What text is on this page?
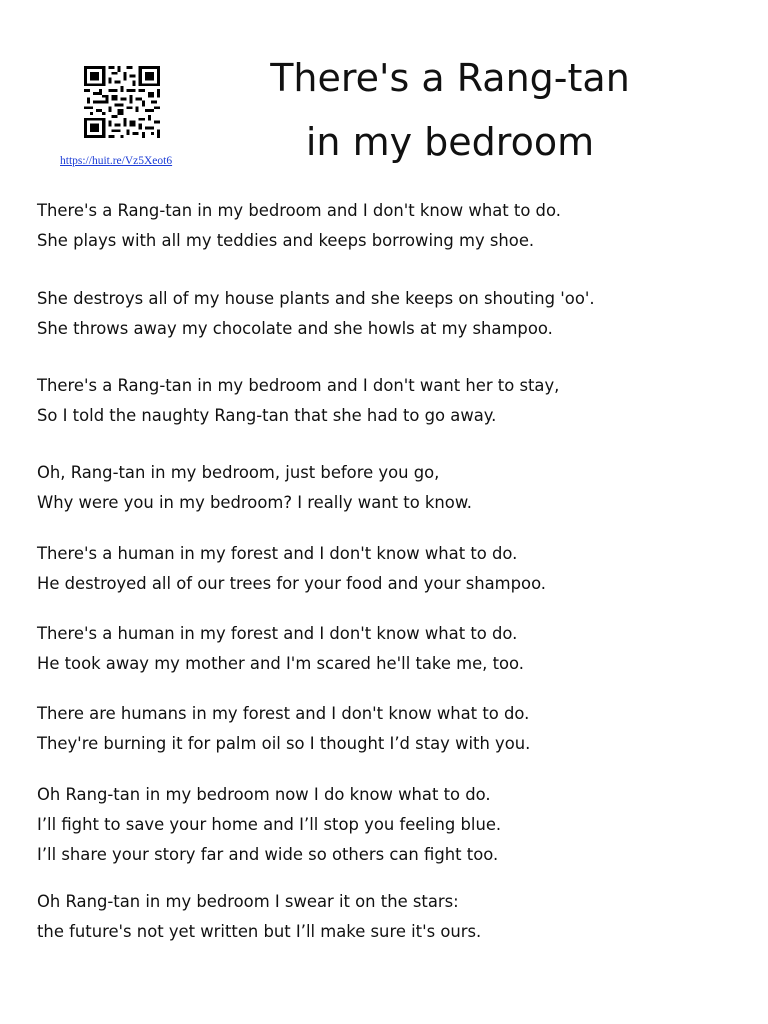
https://huit.re/Vz5Xeot6
There's a Rang-tan
in my bedroom
There's a Rang-tan in my bedroom and I don't know what to do.
She plays with all my teddies and keeps borrowing my shoe.
She destroys all of my house plants and she keeps on shouting 'oo'.
She throws away my chocolate and she howls at my shampoo.
There's a Rang-tan in my bedroom and I don't want her to stay,
So I told the naughty Rang-tan that she had to go away.
Oh, Rang-tan in my bedroom, just before you go,
Why were you in my bedroom? I really want to know.
There's a human in my forest and I don't know what to do.
He destroyed all of our trees for your food and your shampoo.
There's a human in my forest and I don't know what to do.
He took away my mother and I'm scared he'll take me, too.
There are humans in my forest and I don't know what to do.
They're burning it for palm oil so I thought I’d stay with you.
Oh Rang-tan in my bedroom now I do know what to do.
I’ll fight to save your home and I’ll stop you feeling blue.
I’ll share your story far and wide so others can fight too.
Oh Rang-tan in my bedroom I swear it on the stars:
the future's not yet written but I’ll make sure it's ours.
